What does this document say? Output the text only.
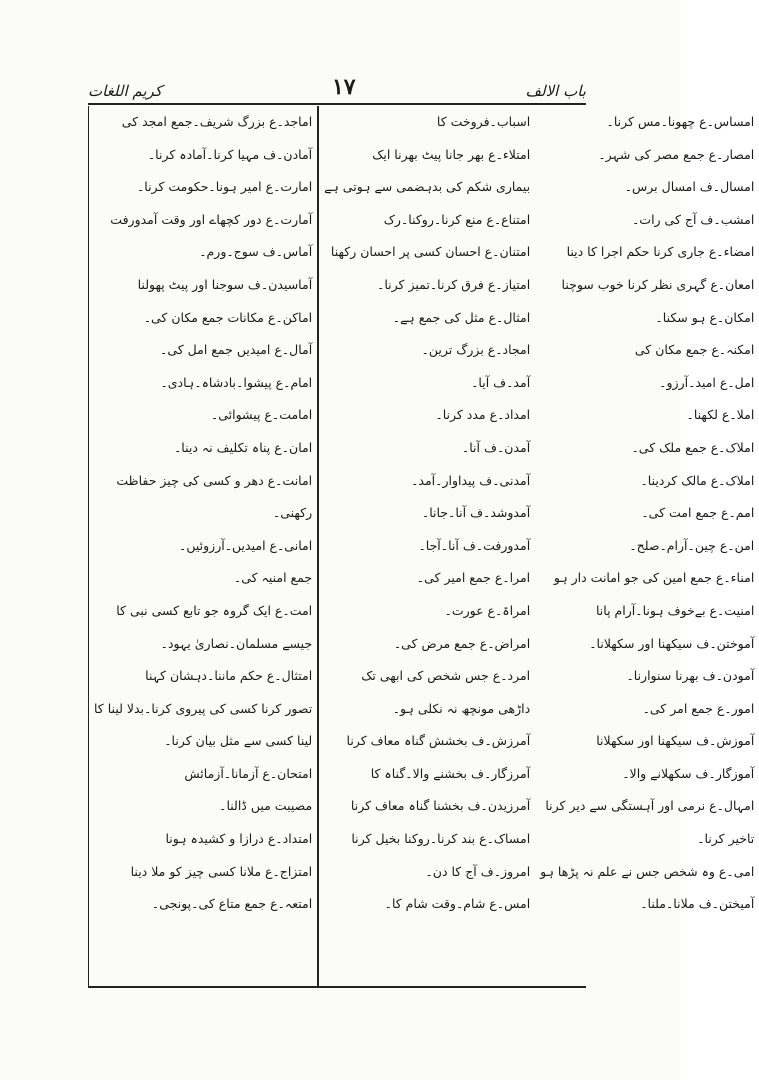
کریم اللغات	۱۷	باب الالف
اماجد۔ع بزرگ شریف۔جمع امجد کی
آمادن۔ف مہیا کرنا۔آمادہ کرنا۔
امارت۔ع امیر ہونا۔حکومت کرنا۔
آمارت۔ع دور کچھاے اور وقت آمدورفت
آماس۔ف سوج۔ورم۔
آماسیدن۔ف سوجنا اور پیٹ پھولنا
اماکن۔ع مکانات جمع مکان کی۔
آمال۔ع امیدیں جمع امل کی۔
امام۔ع پیشوا۔بادشاہ۔ہادی۔
امامت۔ع پیشوائی۔
امان۔ع پناہ تکلیف نہ دینا۔
امانت۔ع دھر و کسی کی چیز حفاظت
رکھنی۔
امانی۔ع امیدیں۔آرزوئیں۔
جمع امنیہ کی۔
امت۔ع ایک گروہ جو تابع کسی نبی کا
جیسے مسلمان۔نصاریٰ یہود۔
امتثال۔ع حکم ماننا۔دہشان کہنا
تصور کرنا کسی کی پیروی کرنا۔بدلا لینا کا
لینا کسی سے مثل بیان کرنا۔
امتحان۔ع آزمانا۔آزمائش
مصیبت میں ڈالنا۔
امتداد۔ع درازا و کشیدہ ہونا
امتزاج۔ع ملانا کسی چیز کو ملا دینا
امتعہ۔ع جمع متاع کی۔پونجی۔
اسباب۔فروخت کا
امتلاء۔ع بھر جانا پیٹ بھرنا ایک
بیماری شکم کی بدہضمی سے ہوتی ہے
امتناع۔ع منع کرنا۔روکنا۔رک
امتنان۔ع احسان کسی پر احسان رکھنا
امتیاز۔ع فرق کرنا۔تمیز کرنا۔
امثال۔ع مثل کی جمع ہے۔
امجاد۔ع بزرگ ترین۔
آمد۔ف آیا۔
امداد۔ع مدد کرنا۔
آمدن۔ف آنا۔
آمدنی۔ف پیداوار۔آمد۔
آمدوشد۔ف آنا۔جانا۔
آمدورفت۔ف آنا۔آجا۔
امرا۔ع جمع امیر کی۔
امراۃ۔ع عورت۔
امراض۔ع جمع مرض کی۔
امرد۔ع جس شخص کی ابھی تک
داڑھی مونچھ نہ نکلی ہو۔
آمرزش۔ف بخشش گناہ معاف کرنا
آمرزگار۔ف بخشنے والا۔گناہ کا
آمرزیدن۔ف بخشنا گناہ معاف کرنا
امساک۔ع بند کرنا۔روکنا بخیل کرنا
امروز۔ف آج کا دن۔
امس۔ع شام۔وقت شام کا۔
امساس۔ع چھونا۔مس کرنا۔
امصار۔ع جمع مصر کی شہر۔
امسال۔ف امسال برس۔
امشب۔ف آج کی رات۔
امضاء۔ع جاری کرنا حکم اجرا کا دینا
امعان۔ع گہری نظر کرنا خوب سوچنا
امکان۔ع ہو سکنا۔
امکنہ۔ع جمع مکان کی
امل۔ع امید۔آرزو۔
املا۔ع لکھنا۔
املاک۔ع جمع ملک کی۔
املاک۔ع مالک کردینا۔
امم۔ع جمع امت کی۔
امن۔ع چین۔آرام۔صلح۔
امناء۔ع جمع امین کی جو امانت دار ہو
امنیت۔ع بےخوف ہونا۔آرام پانا
آموختن۔ف سیکھنا اور سکھلانا۔
آمودن۔ف بھرنا سنوارنا۔
امور۔ع جمع امر کی۔
آموزش۔ف سیکھنا اور سکھلانا
آموزگار۔ف سکھلانے والا۔
امہال۔ع نرمی اور آہستگی سے دیر کرنا
تاخیر کرنا۔
امی۔ع وہ شخص جس نے علم نہ پڑھا ہو
آمیختن۔ف ملانا۔ملنا۔
